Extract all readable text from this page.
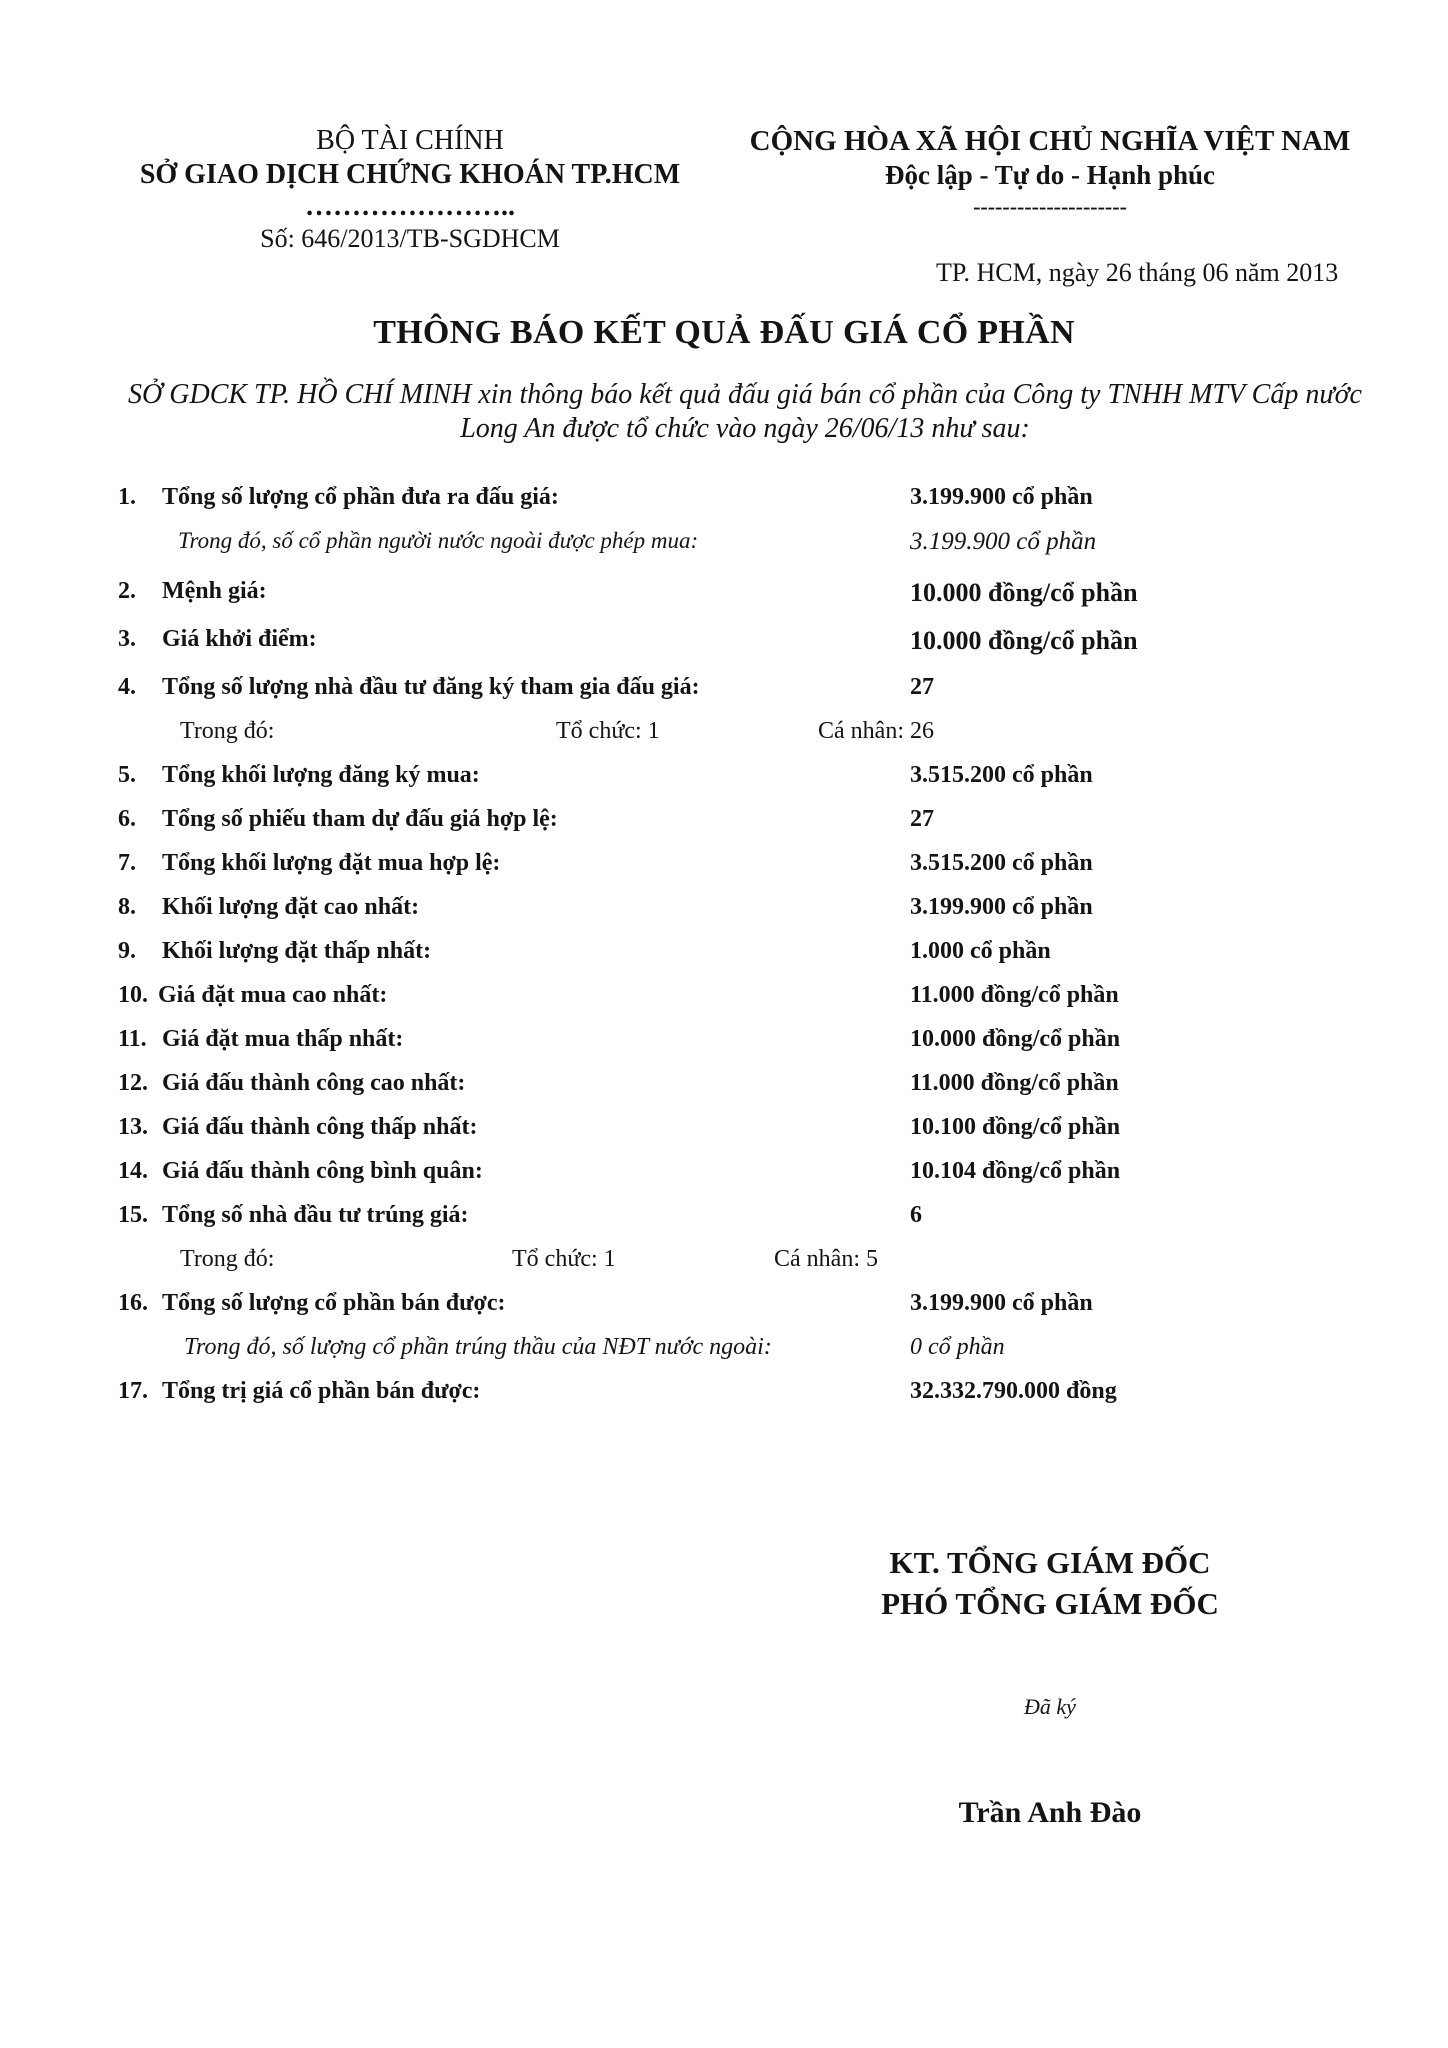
BỘ TÀI CHÍNH
SỞ GIAO DỊCH CHỨNG KHOÁN TP.HCM
…………………..
Số: 646/2013/TB-SGDHCM
CỘNG HÒA XÃ HỘI CHỦ NGHĨA VIỆT NAM
Độc lập - Tự do - Hạnh phúc
---------------------
TP. HCM, ngày 26 tháng 06 năm 2013
THÔNG BÁO KẾT QUẢ ĐẤU GIÁ CỔ PHẦN
SỞ GDCK TP. HỒ CHÍ MINH xin thông báo kết quả đấu giá bán cổ phần của Công ty TNHH MTV Cấp nước Long An được tổ chức vào ngày 26/06/13 như sau:
1. Tổng số lượng cổ phần đưa ra đấu giá:	3.199.900 cổ phần
Trong đó, số cổ phần người nước ngoài được phép mua:	3.199.900 cổ phần
2. Mệnh giá:	10.000 đồng/cổ phần
3. Giá khởi điểm:	10.000 đồng/cổ phần
4. Tổng số lượng nhà đầu tư đăng ký tham gia đấu giá:	27
Trong đó:	Tổ chức: 1	Cá nhân: 26
5. Tổng khối lượng đăng ký mua:	3.515.200 cổ phần
6. Tổng số phiếu tham dự đấu giá hợp lệ:	27
7. Tổng khối lượng đặt mua hợp lệ:	3.515.200 cổ phần
8. Khối lượng đặt cao nhất:	3.199.900 cổ phần
9. Khối lượng đặt thấp nhất:	1.000 cổ phần
10. Giá đặt mua cao nhất:	11.000 đồng/cổ phần
11. Giá đặt mua thấp nhất:	10.000 đồng/cổ phần
12. Giá đấu thành công cao nhất:	11.000 đồng/cổ phần
13. Giá đấu thành công thấp nhất:	10.100 đồng/cổ phần
14. Giá đấu thành công bình quân:	10.104 đồng/cổ phần
15. Tổng số nhà đầu tư trúng giá:	6
Trong đó:	Tổ chức: 1	Cá nhân: 5
16. Tổng số lượng cổ phần bán được:	3.199.900 cổ phần
Trong đó, số lượng cổ phần trúng thầu của NĐT nước ngoài:	0 cổ phần
17. Tổng trị giá cổ phần bán được:	32.332.790.000 đồng
KT. TỔNG GIÁM ĐỐC
PHÓ TỔNG GIÁM ĐỐC
Đã ký
Trần Anh Đào
